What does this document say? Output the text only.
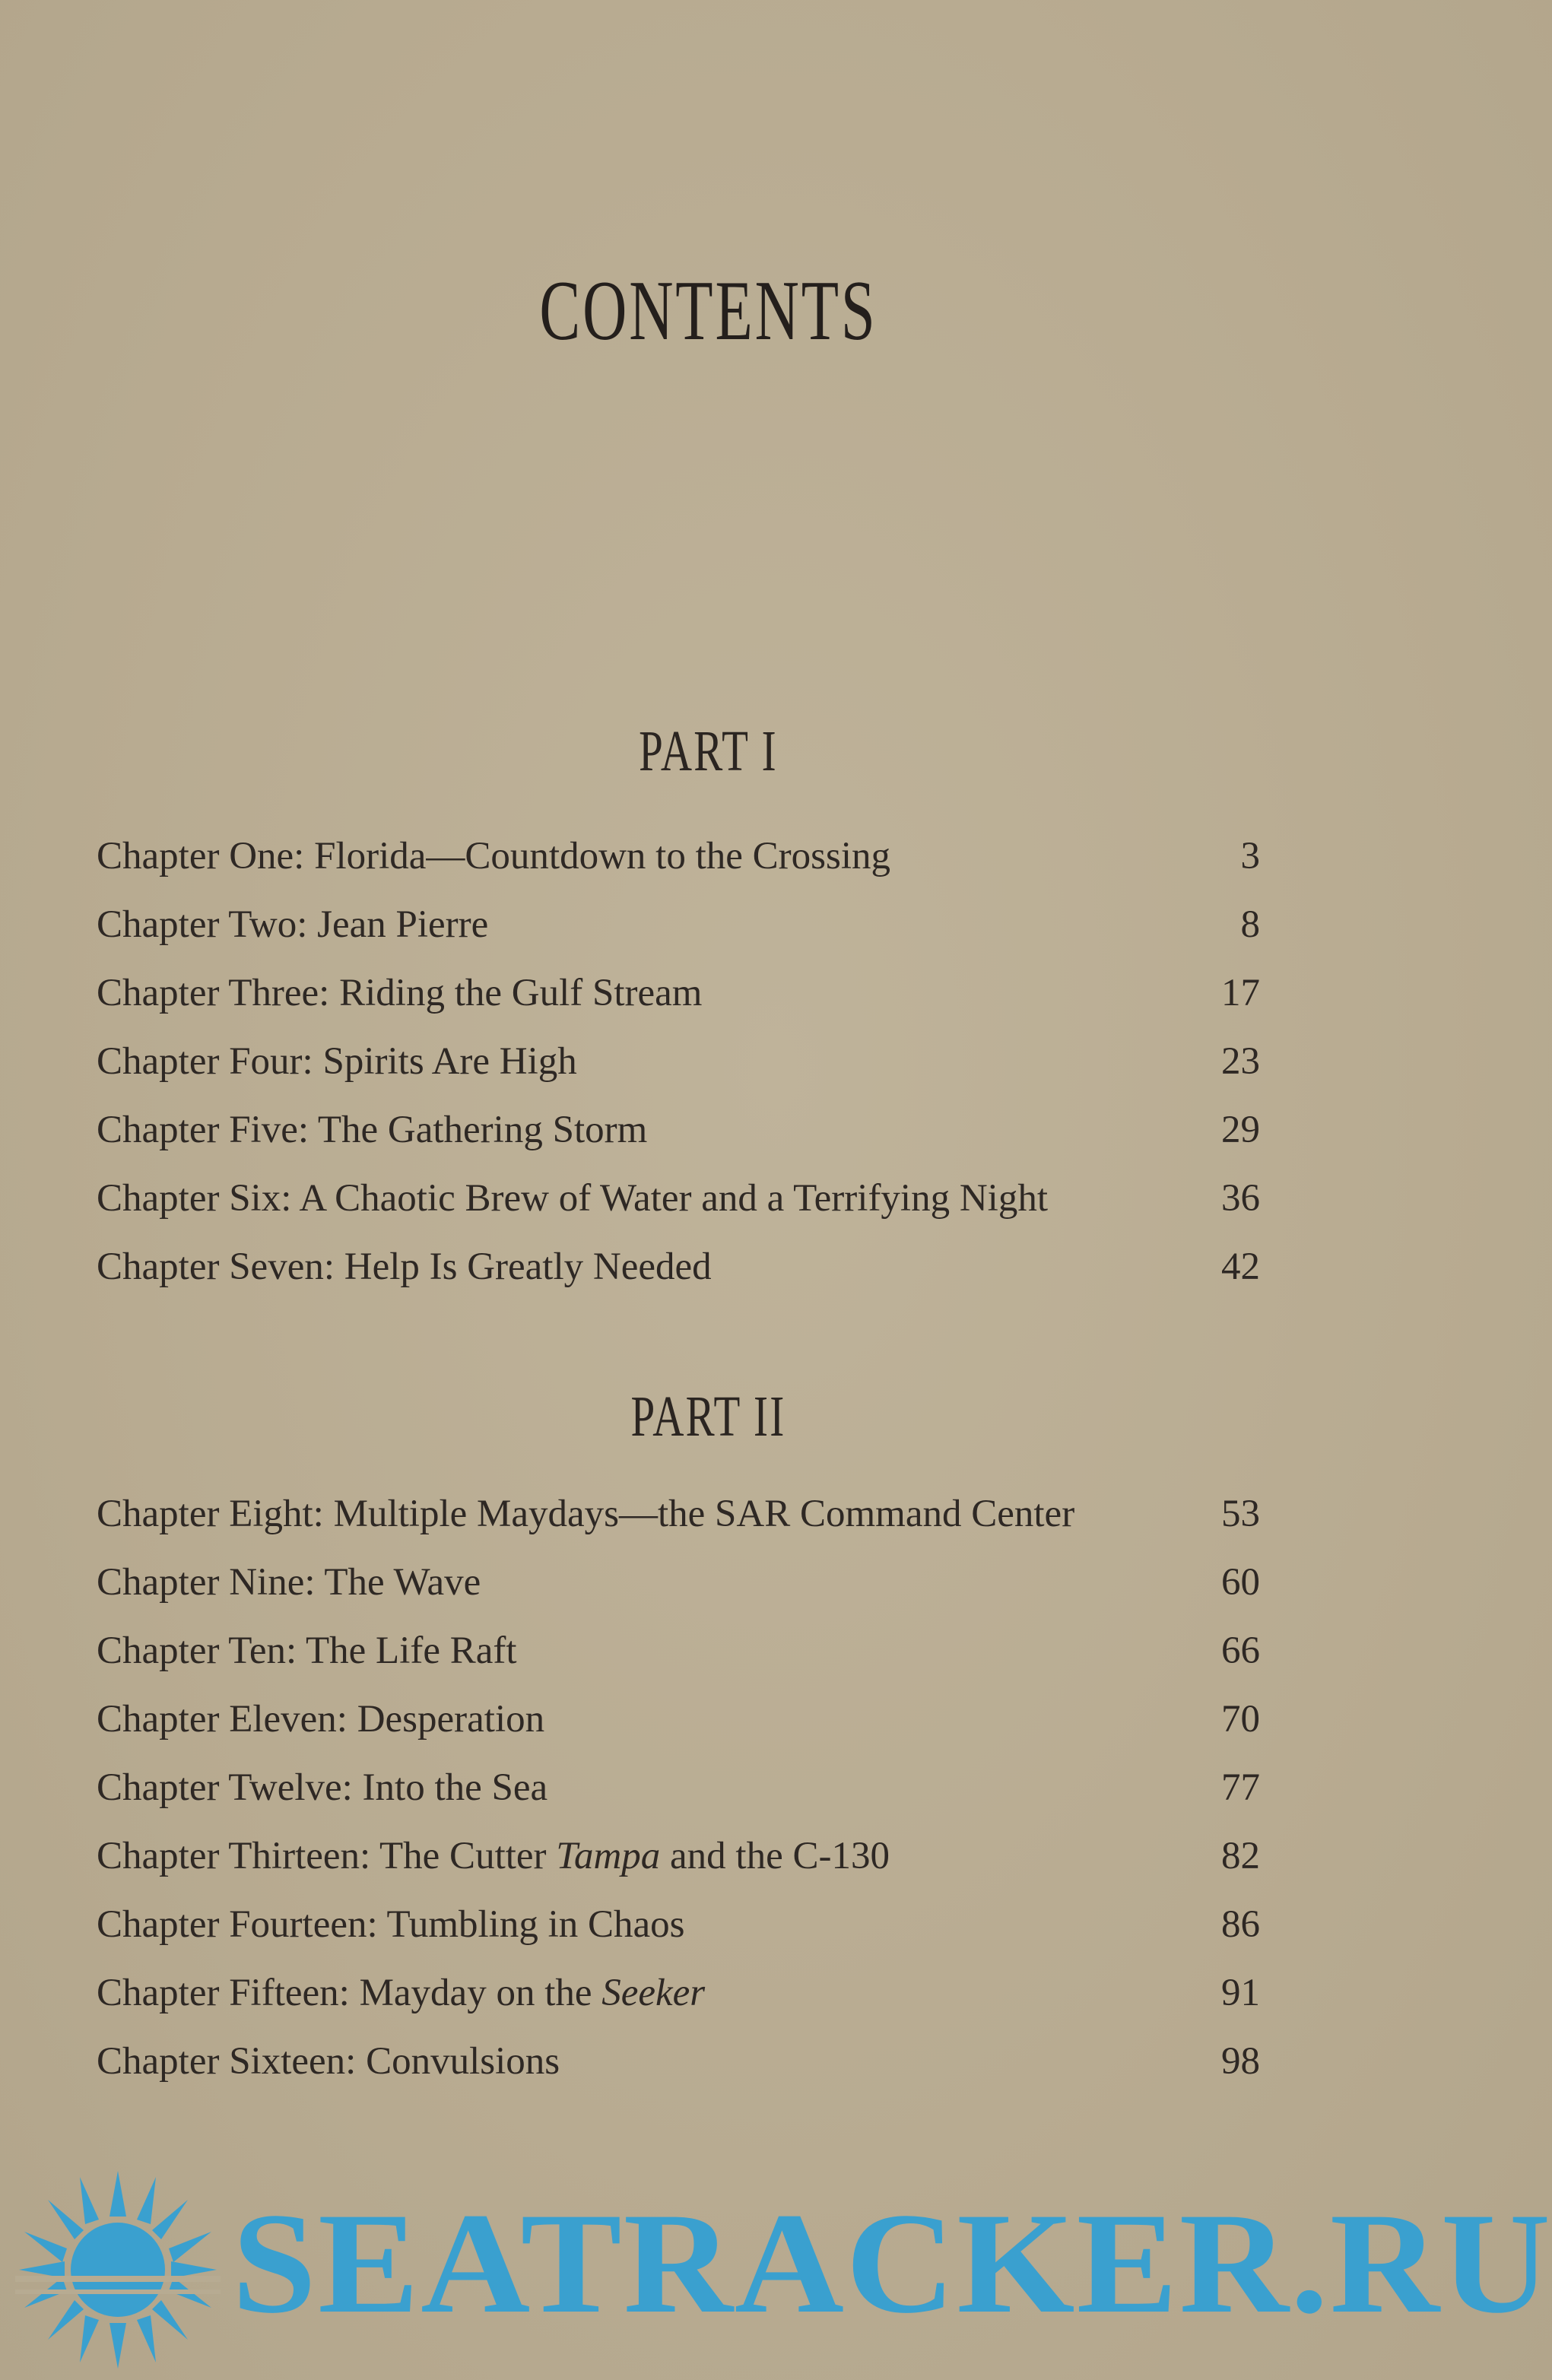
CONTENTS
PART I
Chapter One: Florida—Countdown to the Crossing	3
Chapter Two: Jean Pierre	8
Chapter Three: Riding the Gulf Stream	17
Chapter Four: Spirits Are High	23
Chapter Five: The Gathering Storm	29
Chapter Six: A Chaotic Brew of Water and a Terrifying Night	36
Chapter Seven: Help Is Greatly Needed	42
PART II
Chapter Eight: Multiple Maydays—the SAR Command Center	53
Chapter Nine: The Wave	60
Chapter Ten: The Life Raft	66
Chapter Eleven: Desperation	70
Chapter Twelve: Into the Sea	77
Chapter Thirteen: The Cutter Tampa and the C-130	82
Chapter Fourteen: Tumbling in Chaos	86
Chapter Fifteen: Mayday on the Seeker	91
Chapter Sixteen: Convulsions	98
SEATRACKER.RU
